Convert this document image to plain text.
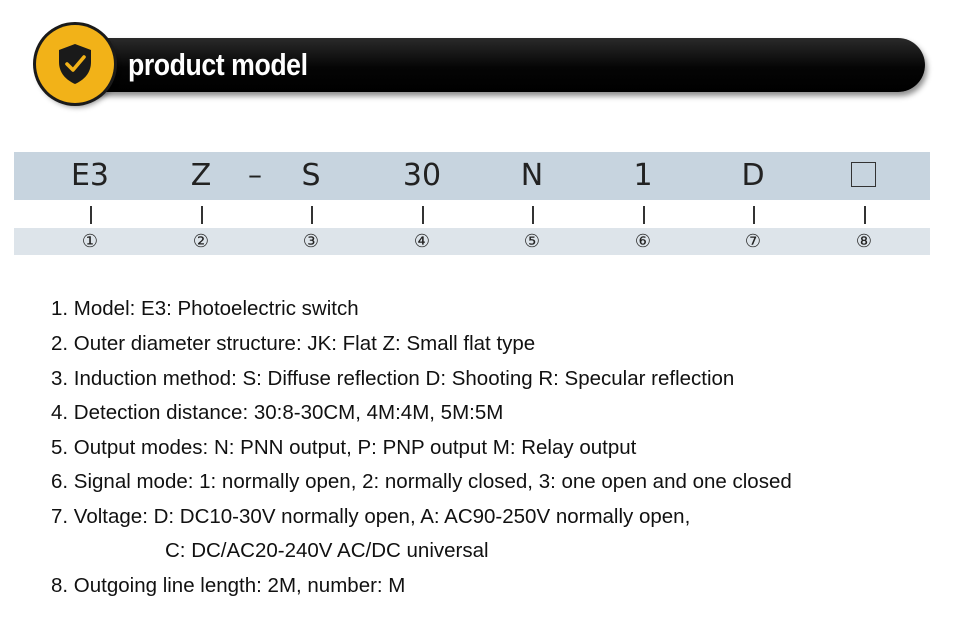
product model
E3	Z	–	S	30	N	1	D
①	②	③	④	⑤	⑥	⑦	⑧
1. Model: E3: Photoelectric switch
2. Outer diameter structure: JK: Flat Z: Small flat type
3. Induction method: S: Diffuse reflection D: Shooting R: Specular reflection
4. Detection distance: 30:8-30CM, 4M:4M, 5M:5M
5. Output modes: N: PNN output, P: PNP output M: Relay output
6. Signal mode: 1: normally open, 2: normally closed, 3: one open and one closed
7. Voltage: D: DC10-30V normally open, A: AC90-250V normally open,
C: DC/AC20-240V AC/DC universal
8. Outgoing line length: 2M, number: M
